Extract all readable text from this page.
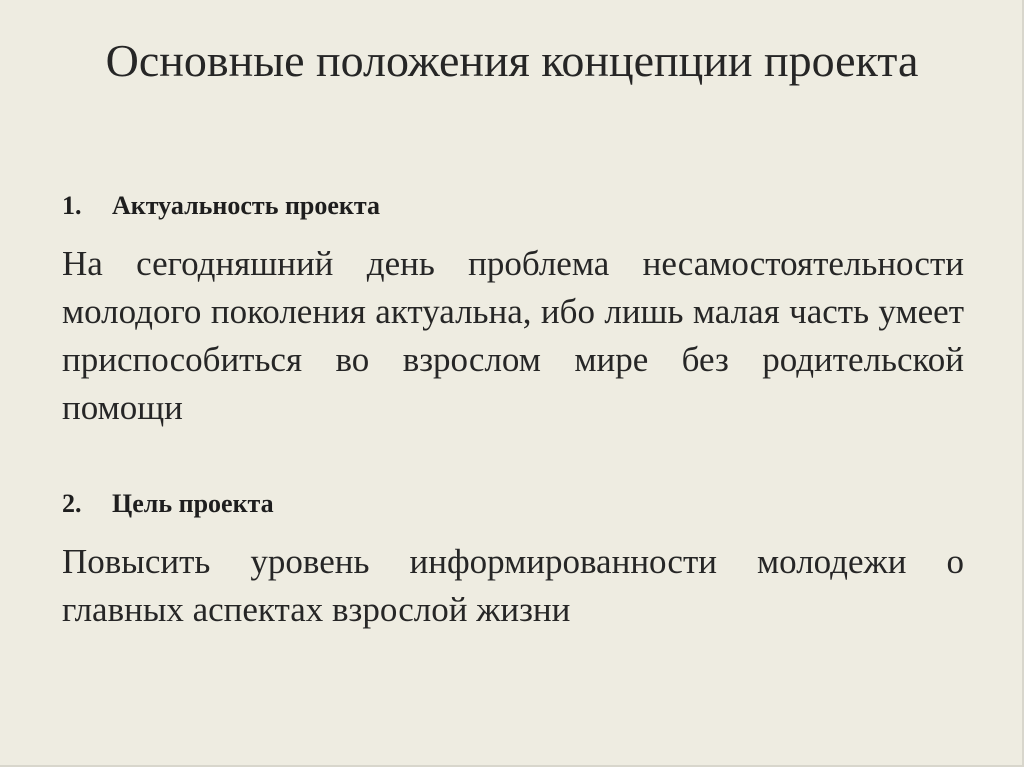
Основные положения концепции проекта
1.	Актуальность проекта

На сегодняшний день проблема несамостоятельности молодого поколения актуальна, ибо лишь малая часть умеет приспособиться во взрослом мире без родительской помощи

2.	Цель проекта

Повысить уровень информированности молодежи о главных аспектах взрослой жизни
